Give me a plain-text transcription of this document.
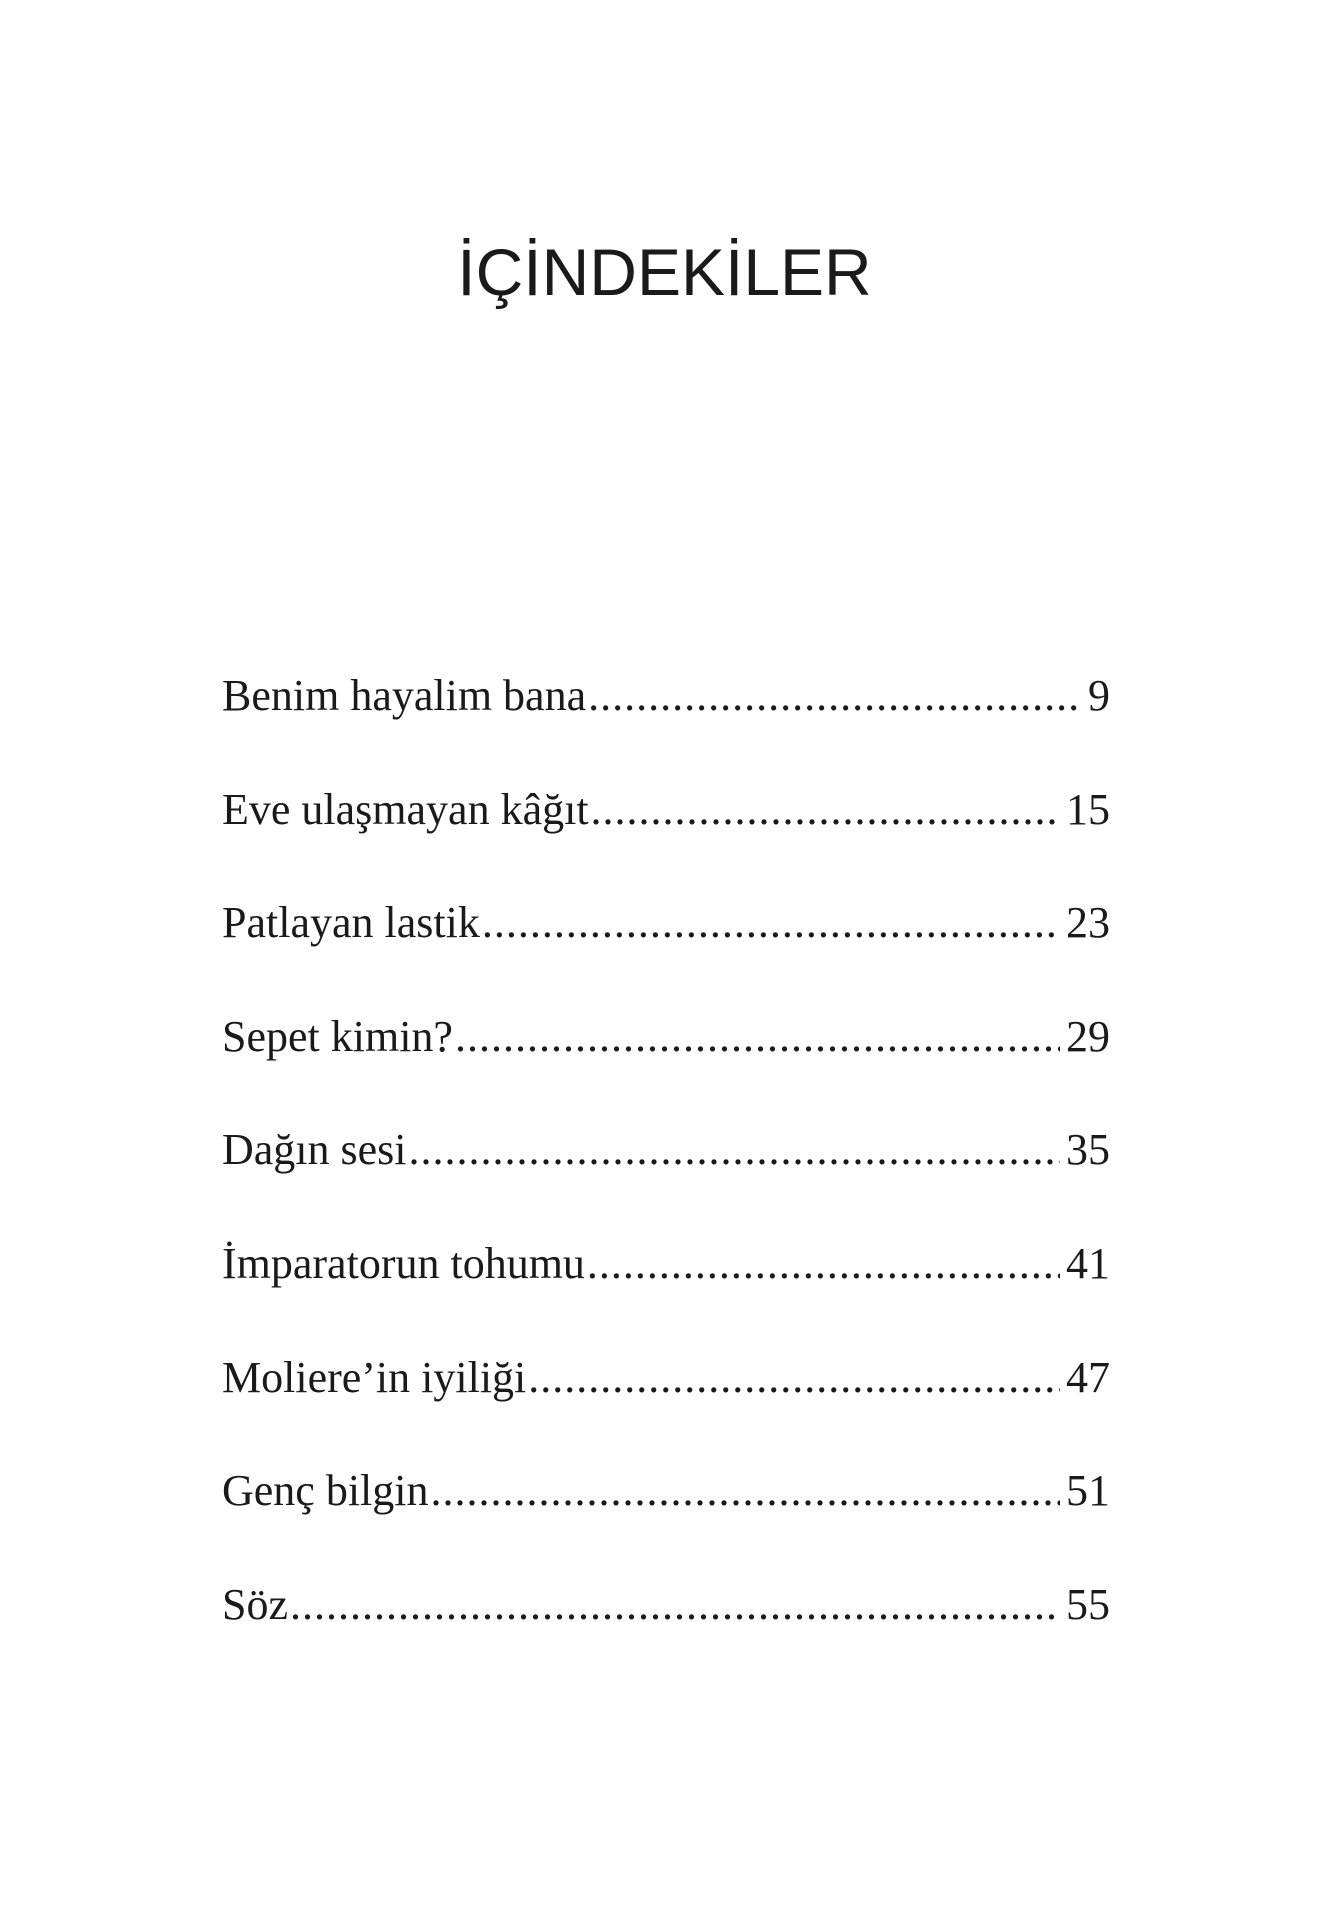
İÇİNDEKİLER
Benim hayalim bana .....	9
Eve ulaşmayan kâğıt .....	15
Patlayan lastik .....	23
Sepet kimin? .....	29
Dağın sesi .....	35
İmparatorun tohumu .....	41
Moliere’in iyiliği .....	47
Genç bilgin .....	51
Söz .....	55
